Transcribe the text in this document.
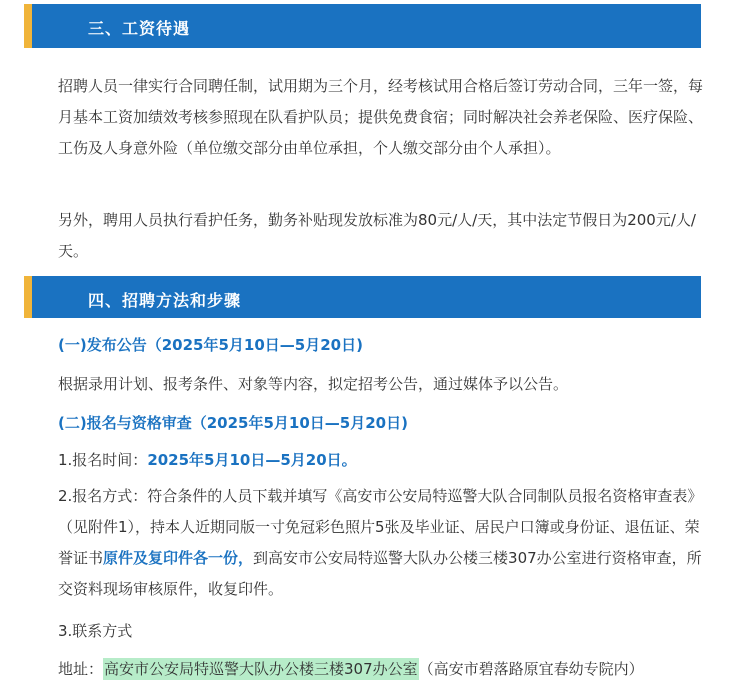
三、工资待遇

招聘人员一律实行合同聘任制，试用期为三个月，经考核试用合格后签订劳动合同，三年一签，每月基本工资加绩效考核参照现在队看护队员；提供免费食宿；同时解决社会养老保险、医疗保险、工伤及人身意外险（单位缴交部分由单位承担，个人缴交部分由个人承担）。

另外，聘用人员执行看护任务，勤务补贴现发放标准为80元/人/天，其中法定节假日为200元/人/天。

四、招聘方法和步骤
(一)发布公告（2025年5月10日—5月20日)
根据录用计划、报考条件、对象等内容，拟定招考公告，通过媒体予以公告。
(二)报名与资格审查（2025年5月10日—5月20日)
1.报名时间：2025年5月10日—5月20日。

2.报名方式：符合条件的人员下载并填写《高安市公安局特巡警大队合同制队员报名资格审查表》（见附件1），持本人近期同版一寸免冠彩色照片5张及毕业证、居民户口簿或身份证、退伍证、荣誉证书原件及复印件各一份，到高安市公安局特巡警大队办公楼三楼307办公室进行资格审查，所交资料现场审核原件，收复印件。

3.联系方式
地址：高安市公安局特巡警大队办公楼三楼307办公室（高安市碧落路原宜春幼专院内）
